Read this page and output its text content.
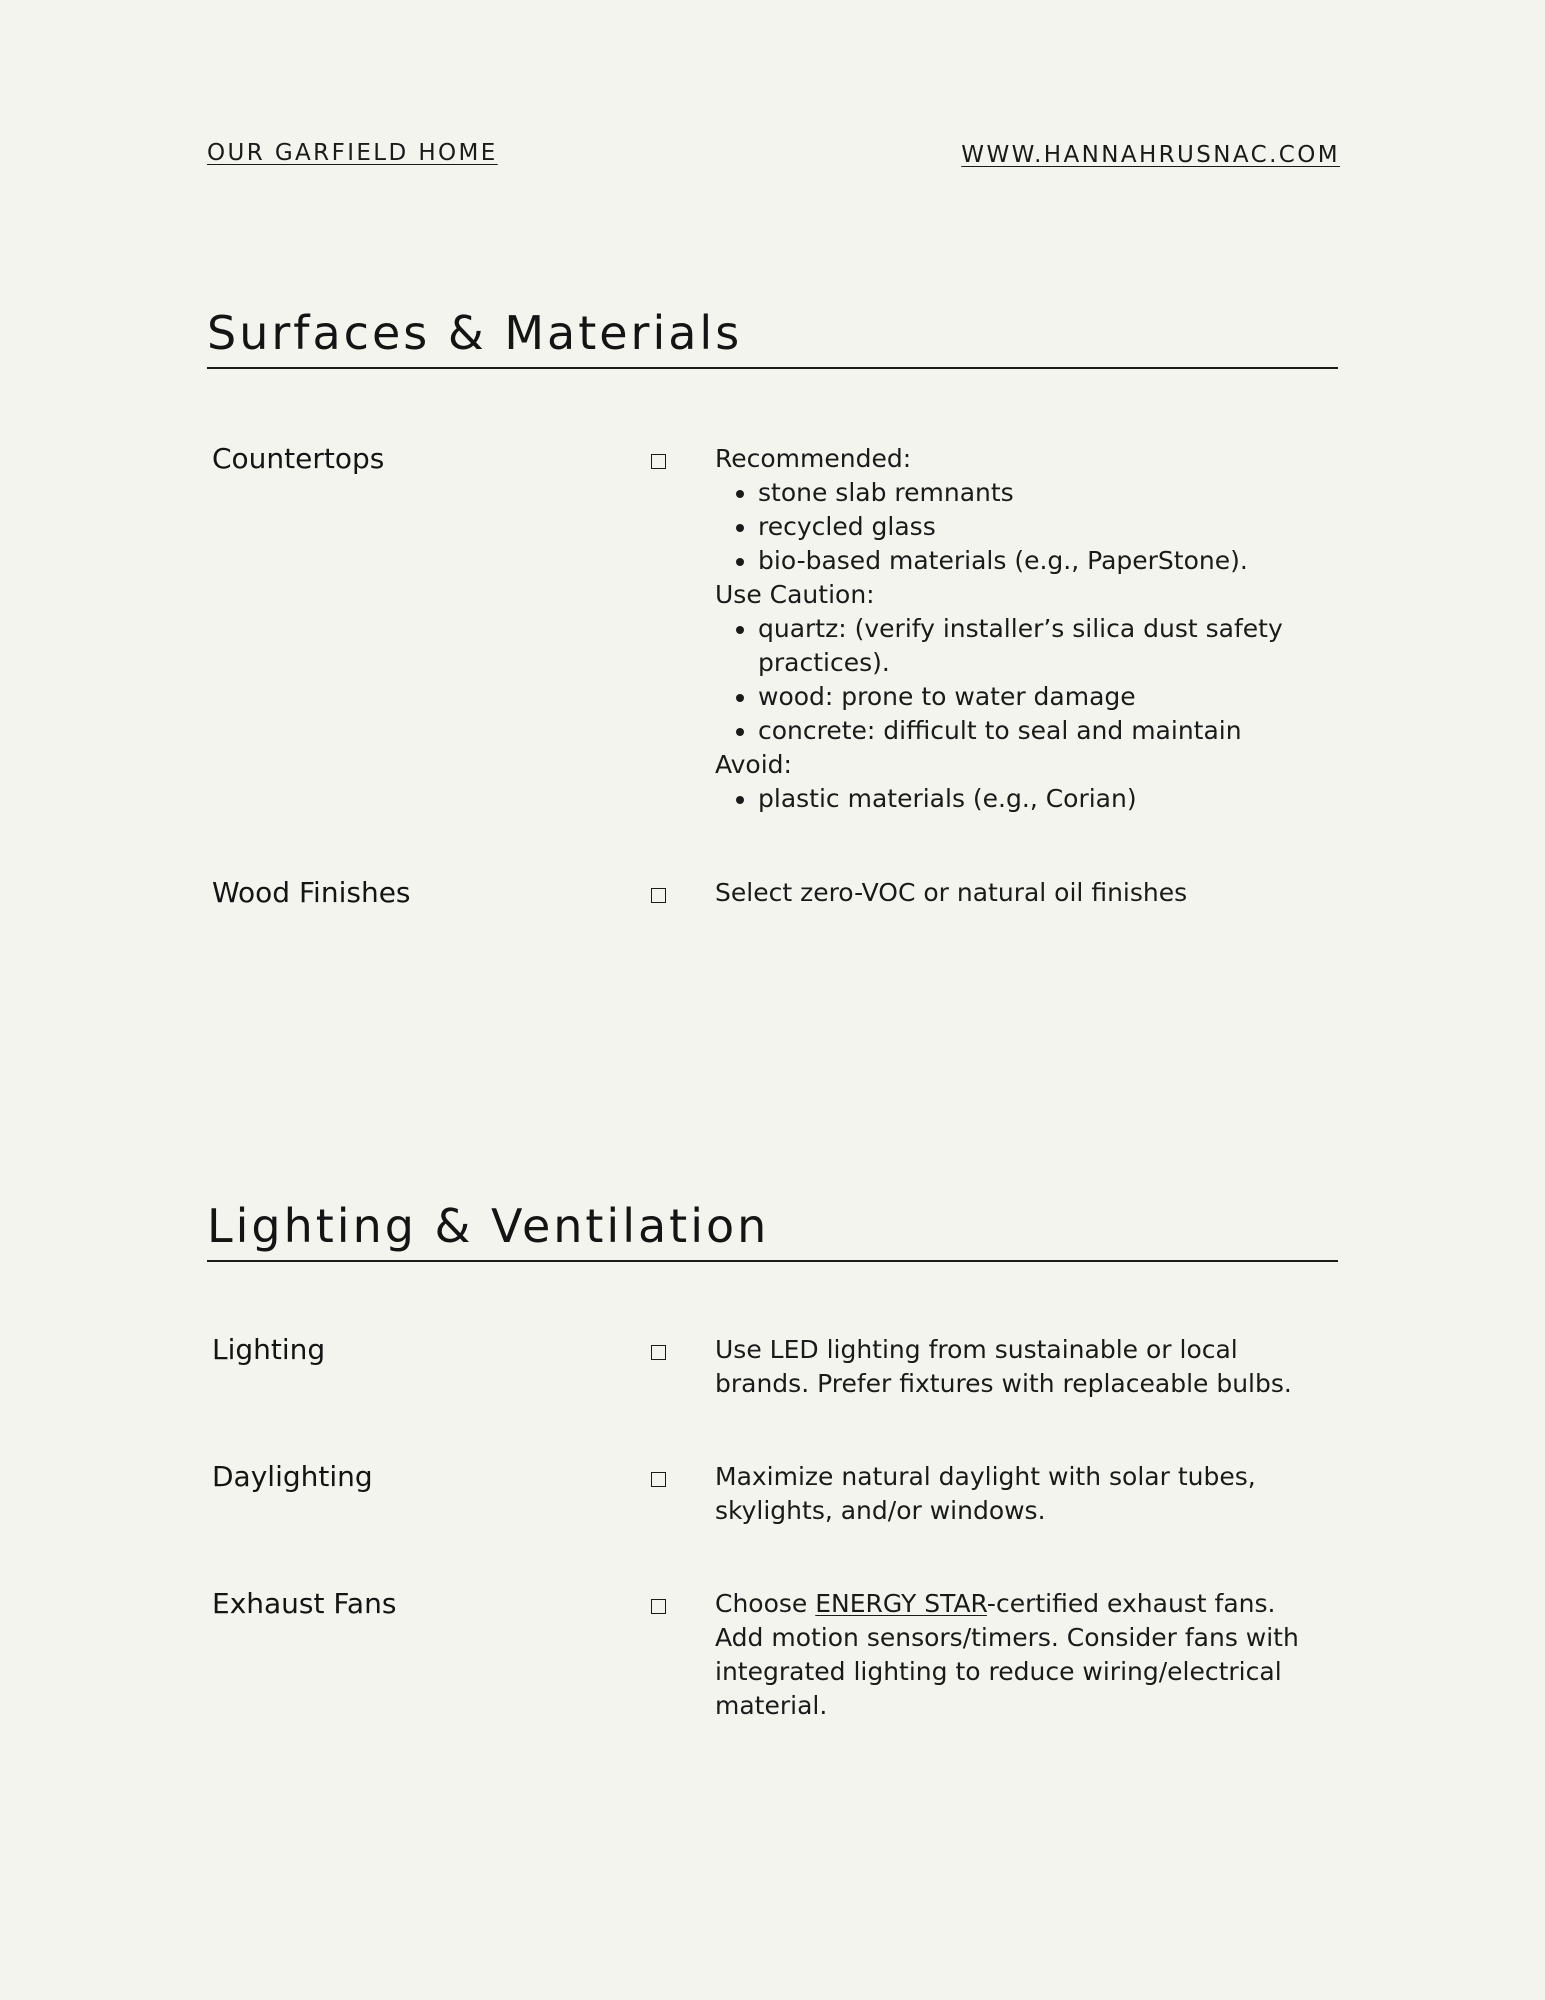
OUR GARFIELD HOME	WWW.HANNAHRUSNAC.COM
Surfaces & Materials
Countertops	Recommended:

• stone slab remnants
• recycled glass
• bio-based materials (e.g., PaperStone).

Use Caution:

• quartz: (verify installer’s silica dust safety practices).
• wood: prone to water damage
• concrete: difficult to seal and maintain

Avoid:

• plastic materials (e.g., Corian)
Wood Finishes	Select zero-VOC or natural oil finishes

Lighting & Ventilation
Lighting	Use LED lighting from sustainable or local brands. Prefer fixtures with replaceable bulbs.

Daylighting	Maximize natural daylight with solar tubes, skylights, and/or windows.

Exhaust Fans	Choose ENERGY STAR-certified exhaust fans. Add motion sensors/timers. Consider fans with integrated lighting to reduce wiring/electrical material.
